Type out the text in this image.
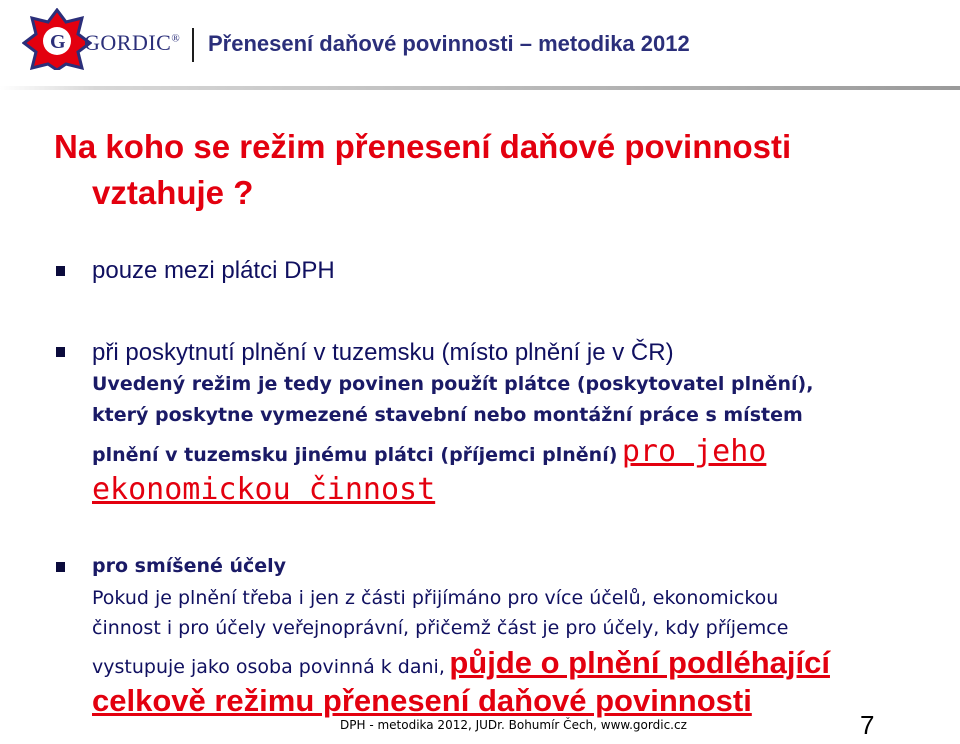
G GORDIC® Přenesení daňové povinnosti – metodika 2012
Na koho se režim přenesení daňové povinnosti
vztahuje ?
pouze mezi plátci DPH
při poskytnutí plnění v tuzemsku (místo plnění je v ČR)
Uvedený režim je tedy povinen použít plátce (poskytovatel plnění),
který poskytne vymezené stavební nebo montážní práce s místem
plnění v tuzemsku jinému plátci (příjemci plnění) pro jeho
ekonomickou činnost
pro smíšené účely
Pokud je plnění třeba i jen z části přijímáno pro více účelů, ekonomickou
činnost i pro účely veřejnoprávní, přičemž část je pro účely, kdy příjemce
vystupuje jako osoba povinná k dani, půjde o plnění podléhající
celkově režimu přenesení daňové povinnosti
DPH - metodika 2012, JUDr. Bohumír Čech, www.gordic.cz	7
